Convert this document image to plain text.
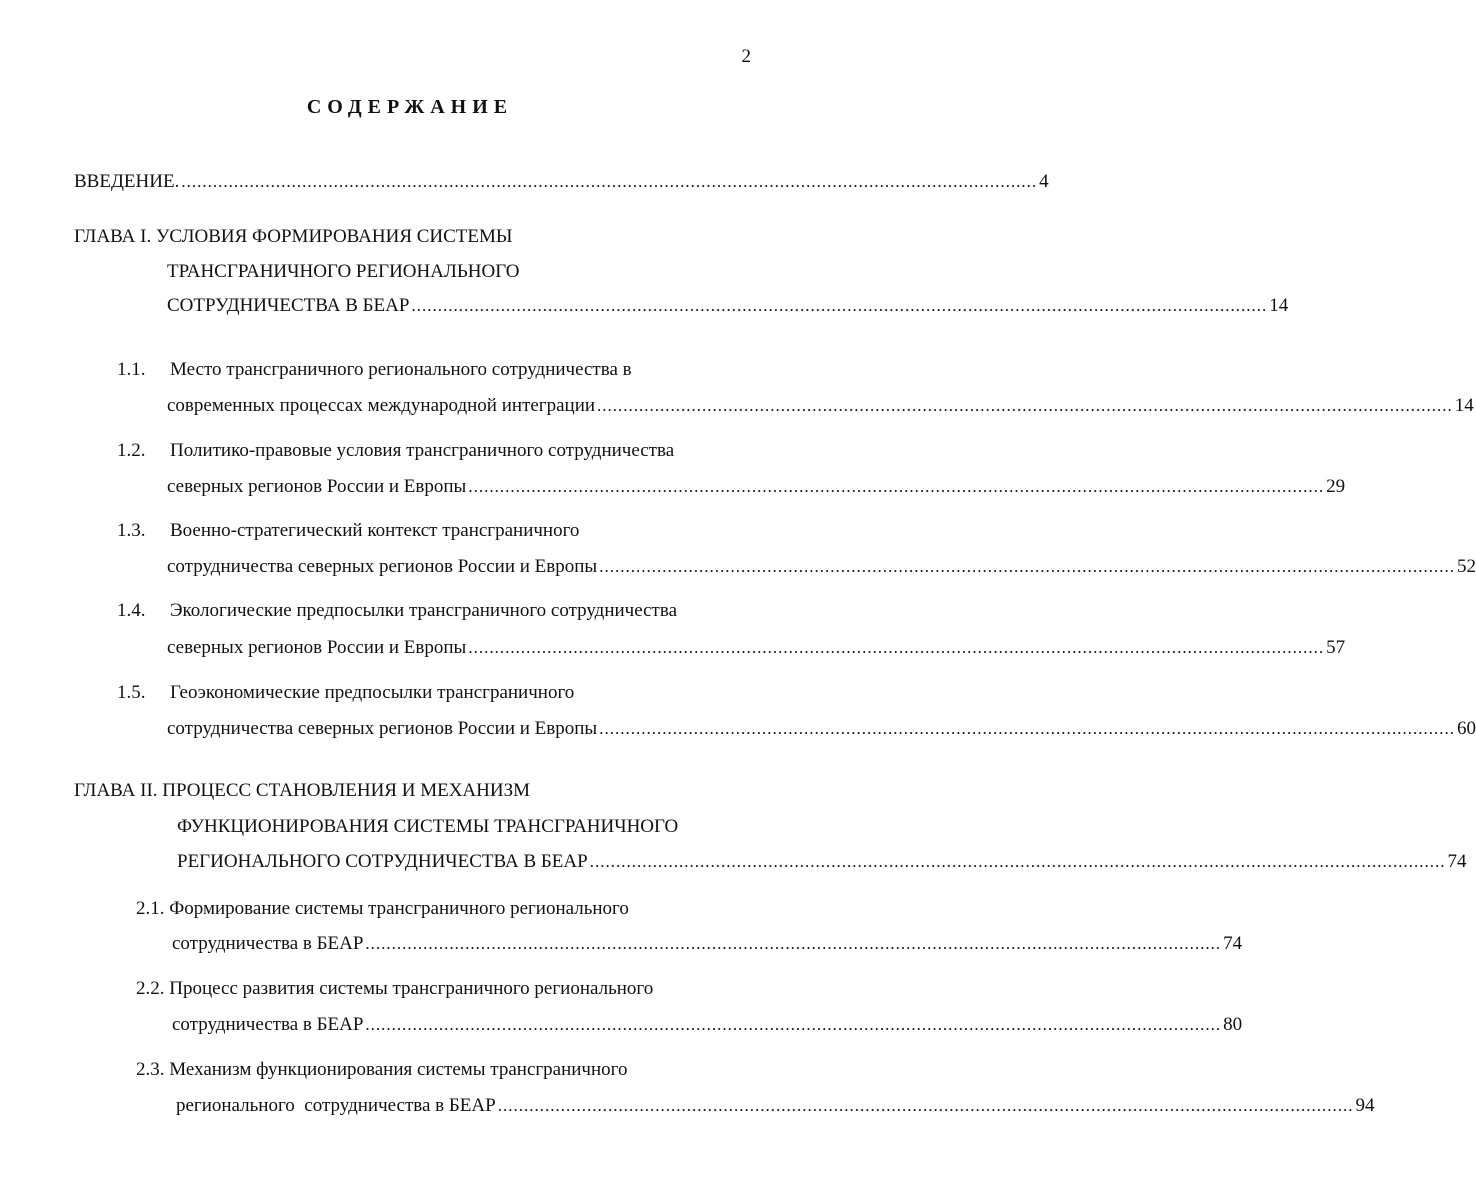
2
СОДЕРЖАНИЕ
ВВЕДЕНИЕ. ................................................................................................................................................................... 4
ГЛАВА I. УСЛОВИЯ ФОРМИРОВАНИЯ СИСТЕМЫ
ТРАНСГРАНИЧНОГО РЕГИОНАЛЬНОГО
СОТРУДНИЧЕСТВА В БЕАР ................................................................................................................................................................... 14
1.1. Место трансграничного регионального сотрудничества в
современных процессах международной интеграции ................................................................................................................................................................... 14
1.2. Политико-правовые условия трансграничного сотрудничества
северных регионов России и Европы ................................................................................................................................................................... 29
1.3. Военно-стратегический контекст трансграничного
сотрудничества северных регионов России и Европы ................................................................................................................................................................... 52
1.4. Экологические предпосылки трансграничного сотрудничества
северных регионов России и Европы ................................................................................................................................................................... 57
1.5. Геоэкономические предпосылки трансграничного
сотрудничества северных регионов России и Европы ................................................................................................................................................................... 60
ГЛАВА II. ПРОЦЕСС СТАНОВЛЕНИЯ И МЕХАНИЗМ
ФУНКЦИОНИРОВАНИЯ СИСТЕМЫ ТРАНСГРАНИЧНОГО
РЕГИОНАЛЬНОГО СОТРУДНИЧЕСТВА В БЕАР ................................................................................................................................................................... 74
2.1. Формирование системы трансграничного регионального
сотрудничества в БЕАР ................................................................................................................................................................... 74
2.2. Процесс развития системы трансграничного регионального
сотрудничества в БЕАР ................................................................................................................................................................... 80
2.3. Механизм функционирования системы трансграничного
регионального  сотрудничества в БЕАР ................................................................................................................................................................... 94
